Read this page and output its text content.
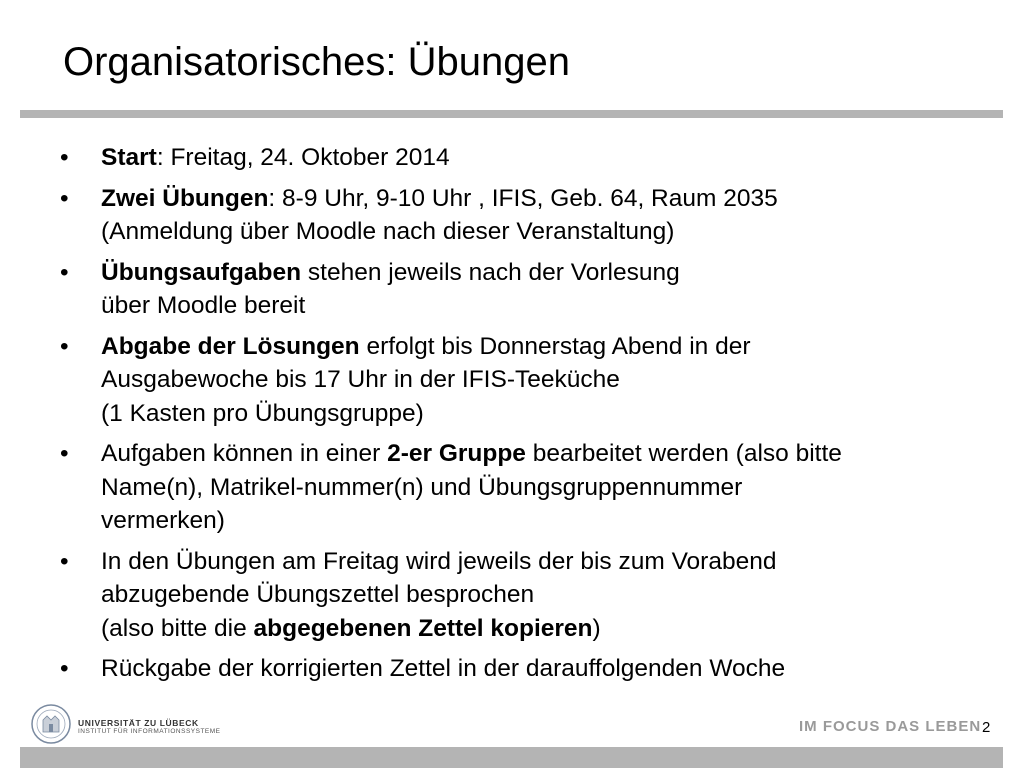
Organisatorisches: Übungen
• Start: Freitag, 24. Oktober 2014
• Zwei Übungen: 8-9 Uhr, 9-10 Uhr , IFIS, Geb. 64, Raum 2035
(Anmeldung über Moodle nach dieser Veranstaltung)
• Übungsaufgaben stehen jeweils nach der Vorlesung
über Moodle bereit
• Abgabe der Lösungen erfolgt bis Donnerstag Abend in der
Ausgabewoche bis 17 Uhr in der IFIS-Teeküche
(1 Kasten pro Übungsgruppe)
• Aufgaben können in einer 2-er Gruppe bearbeitet werden (also bitte
Name(n), Matrikel-nummer(n) und Übungsgruppennummer
vermerken)
• In den Übungen am Freitag wird jeweils der bis zum Vorabend
abzugebende Übungszettel besprochen
(also bitte die abgegebenen Zettel kopieren)
• Rückgabe der korrigierten Zettel in der darauffolgenden Woche
UNIVERSITÄT ZU LÜBECK
INSTITUT FÜR INFORMATIONSSYSTEME	IM FOCUS DAS LEBEN 2
